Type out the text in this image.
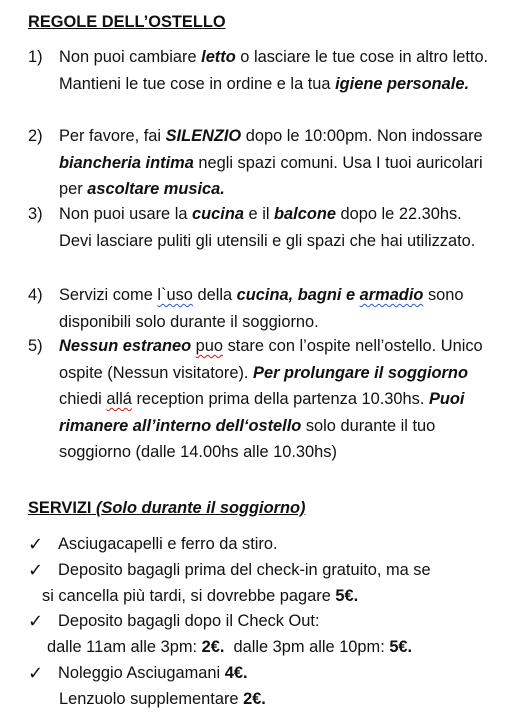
REGOLE DELL’OSTELLO
1) Non puoi cambiare letto o lasciare le tue cose in altro letto. Mantieni le tue cose in ordine e la tua igiene personale.
2) Per favore, fai SILENZIO dopo le 10:00pm. Non indossare biancheria intima negli spazi comuni. Usa I tuoi auricolari per ascoltare musica.
3) Non puoi usare la cucina e il balcone dopo le 22.30hs. Devi lasciare puliti gli utensili e gli spazi che hai utilizzato.
4) Servizi come l`uso della cucina, bagni e armadio sono disponibili solo durante il soggiorno.
5) Nessun estraneo puo stare con l’ospite nell’ostello. Unico ospite (Nessun visitatore). Per prolungare il soggiorno chiedi allá reception prima della partenza 10.30hs. Puoi rimanere all’interno dell‘ostello solo durante il tuo soggiorno (dalle 14.00hs alle 10.30hs)
SERVIZI (Solo durante il soggiorno)
✓ Asciugacapelli e ferro da stiro.
✓ Deposito bagagli prima del check-in gratuito, ma se
si cancella più tardi, si dovrebbe pagare 5€.
✓ Deposito bagagli dopo il Check Out:
dalle 11am alle 3pm: 2€.  dalle 3pm alle 10pm: 5€.
✓ Noleggio Asciugamani 4€.
Lenzuolo supplementare 2€.
